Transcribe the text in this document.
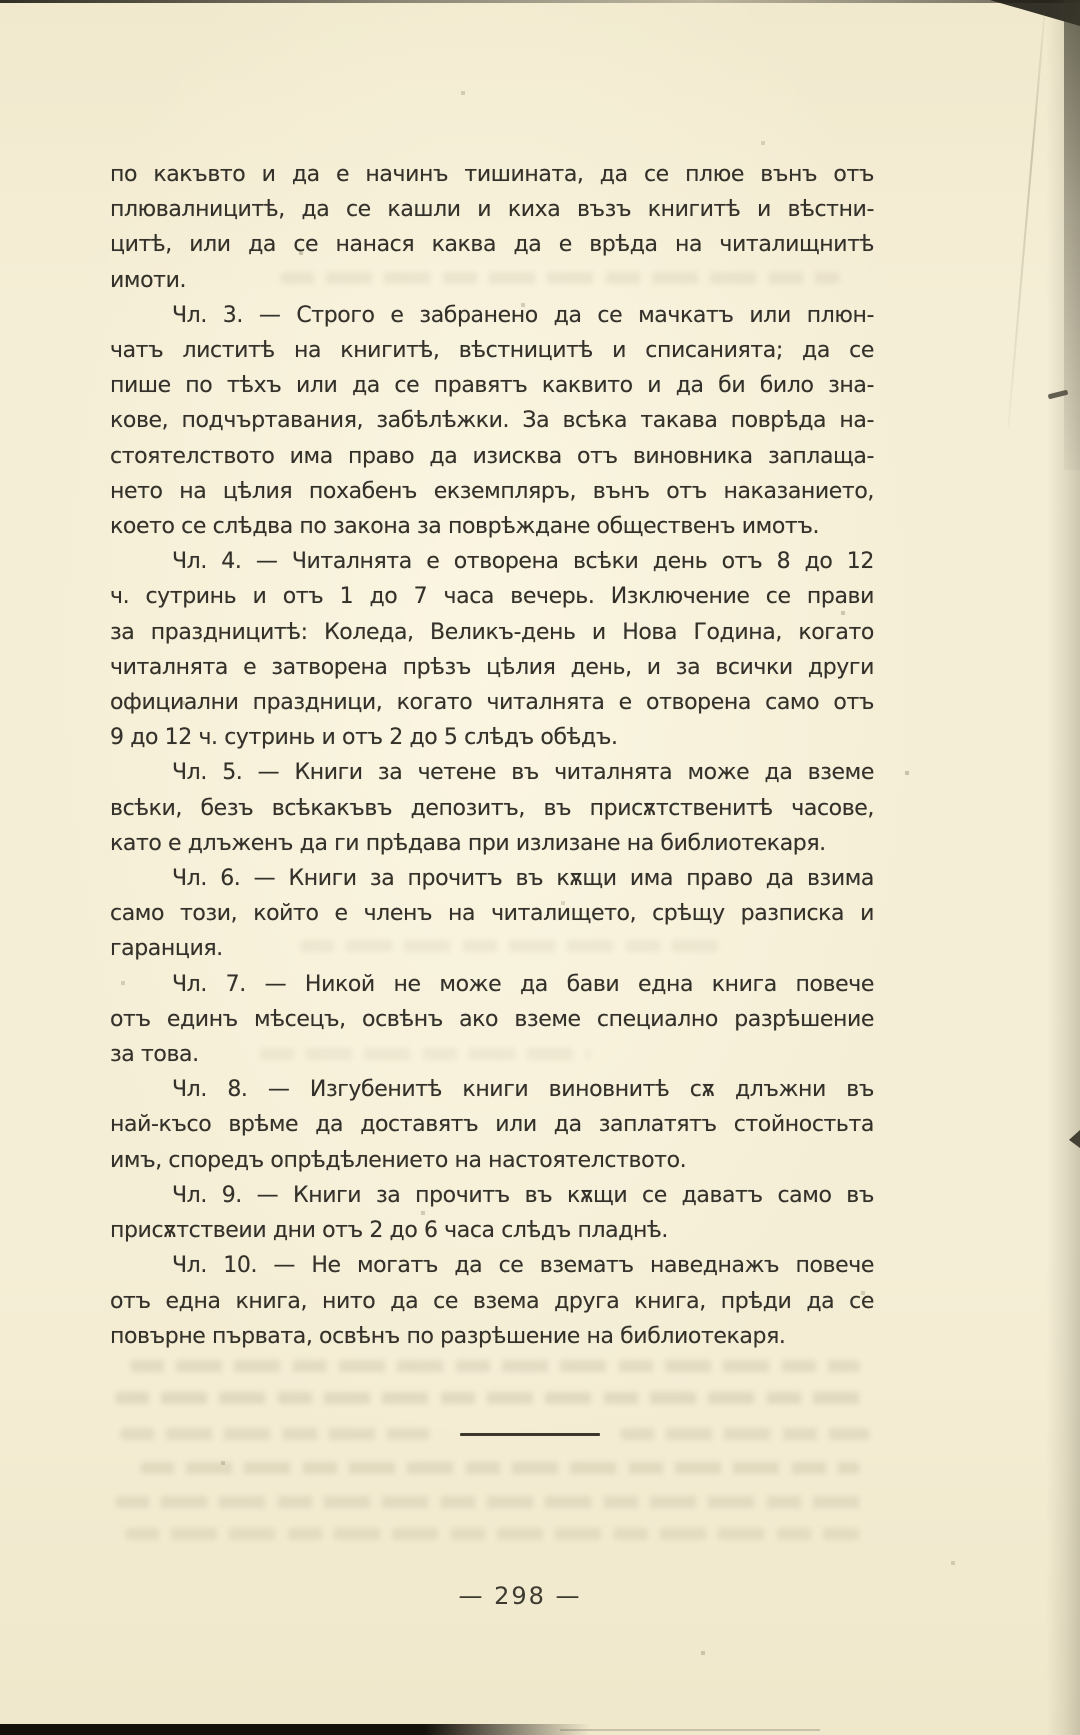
по какъвто и да е начинъ тишината, да се плюе вънъ отъ
плювалницитѣ, да се кашли и киха възъ книгитѣ и вѣстни-
цитѣ, или да се нанася каква да е врѣда на читалищнитѣ
имоти.
Чл. 3. — Строго е забранено да се мачкатъ или плюн-
чатъ листитѣ на книгитѣ, вѣстницитѣ и списанията; да се
пише по тѣхъ или да се правятъ каквито и да би било зна-
кове, подчъртавания, забѣлѣжки. За всѣка такава поврѣда на-
стоятелството има право да изисква отъ виновника заплаща-
нето на цѣлия похабенъ екземпляръ, вънъ отъ наказанието,
което се слѣдва по закона за поврѣждане общественъ имотъ.
Чл. 4. — Читалнята е отворена всѣки день отъ 8 до 12
ч. сутринь и отъ 1 до 7 часа вечерь. Изключение се прави
за праздницитѣ: Коледа, Великъ-день и Нова Година, когато
читалнята е затворена прѣзъ цѣлия день, и за всички други
официални праздници, когато читалнята е отворена само отъ
9 до 12 ч. сутринь и отъ 2 до 5 слѣдъ обѣдъ.
Чл. 5. — Книги за четене въ читалнята може да вземе
всѣки, безъ всѣкакъвъ депозитъ, въ присѫтственитѣ часове,
като е длъженъ да ги прѣдава при излизане на библиотекаря.
Чл. 6. — Книги за прочитъ въ кѫщи има право да взима
само този, който е членъ на читалището, срѣщу разписка и
гаранция.
Чл. 7. — Никой не може да бави една книга повече
отъ единъ мѣсецъ, освѣнъ ако вземе специално разрѣшение
за това.
Чл. 8. — Изгубенитѣ книги виновнитѣ сѫ длъжни въ
най-късо врѣме да доставятъ или да заплатятъ стойностьта
имъ, споредъ опрѣдѣлението на настоятелството.
Чл. 9. — Книги за прочитъ въ кѫщи се даватъ само въ
присѫтствеии дни отъ 2 до 6 часа слѣдъ пладнѣ.
Чл. 10. — Не могатъ да се взематъ наведнажъ повече
отъ една книга, нито да се взема друга книга, прѣди да се
повърне първата, освѣнъ по разрѣшение на библиотекаря.
— 298 —
